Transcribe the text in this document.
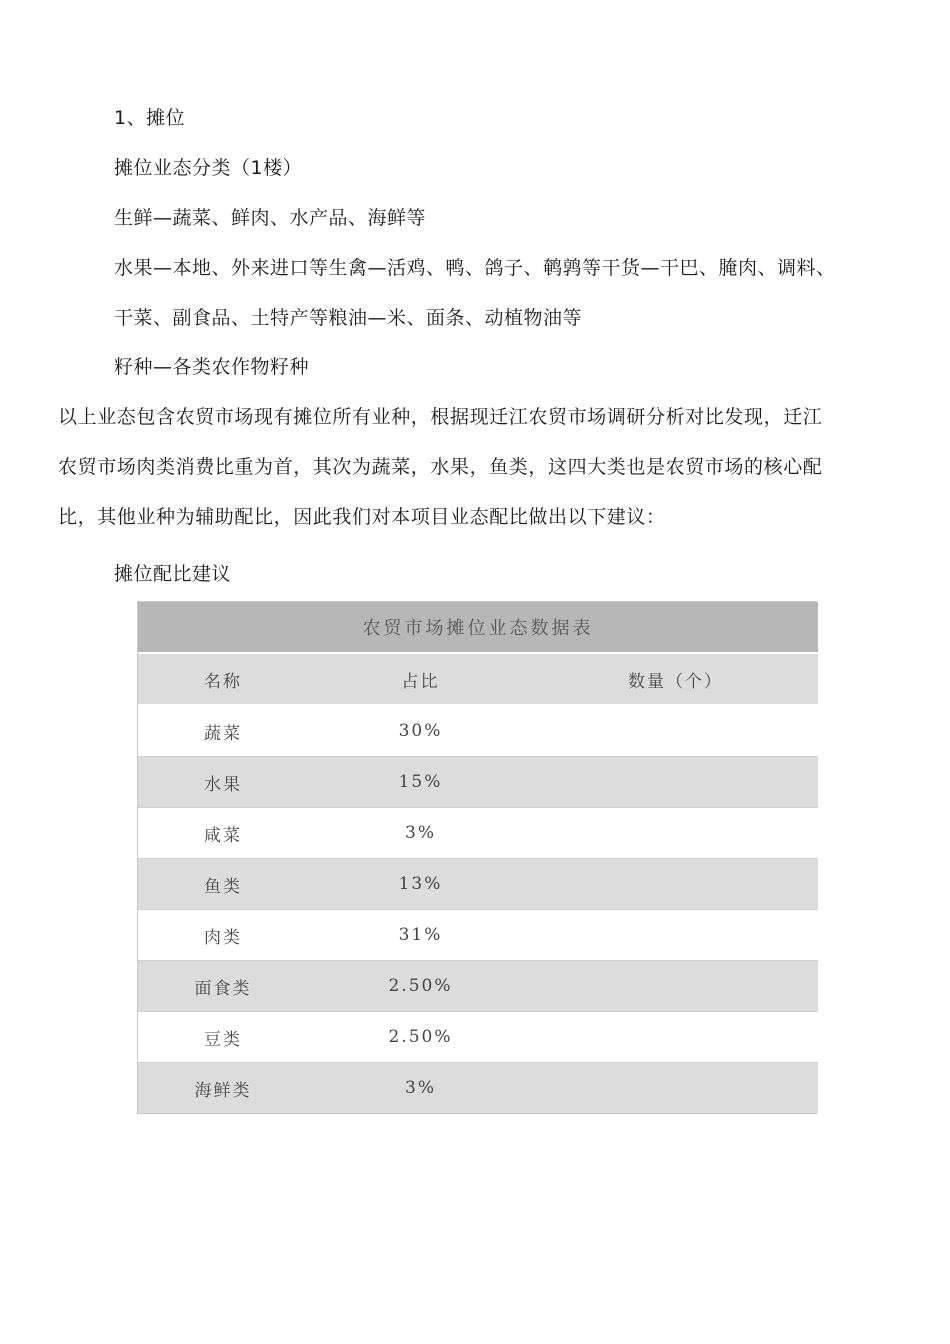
1、摊位
摊位业态分类（1楼）
生鲜—蔬菜、鲜肉、水产品、海鲜等
水果—本地、外来进口等生禽—活鸡、鸭、鸽子、鹌鹑等干货—干巴、腌肉、调料、
干菜、副食品、土特产等粮油—米、面条、动植物油等
籽种—各类农作物籽种
以上业态包含农贸市场现有摊位所有业种，根据现迁江农贸市场调研分析对比发现，迁江
农贸市场肉类消费比重为首，其次为蔬菜，水果，鱼类，这四大类也是农贸市场的核心配
比，其他业种为辅助配比，因此我们对本项目业态配比做出以下建议：
摊位配比建议
农贸市场摊位业态数据表		
名称	占比	数量（个）
蔬菜	30%	
水果	15%	
咸菜	3%	
鱼类	13%	
肉类	31%	
面食类	2.50%	
豆类	2.50%	
海鲜类	3%	
